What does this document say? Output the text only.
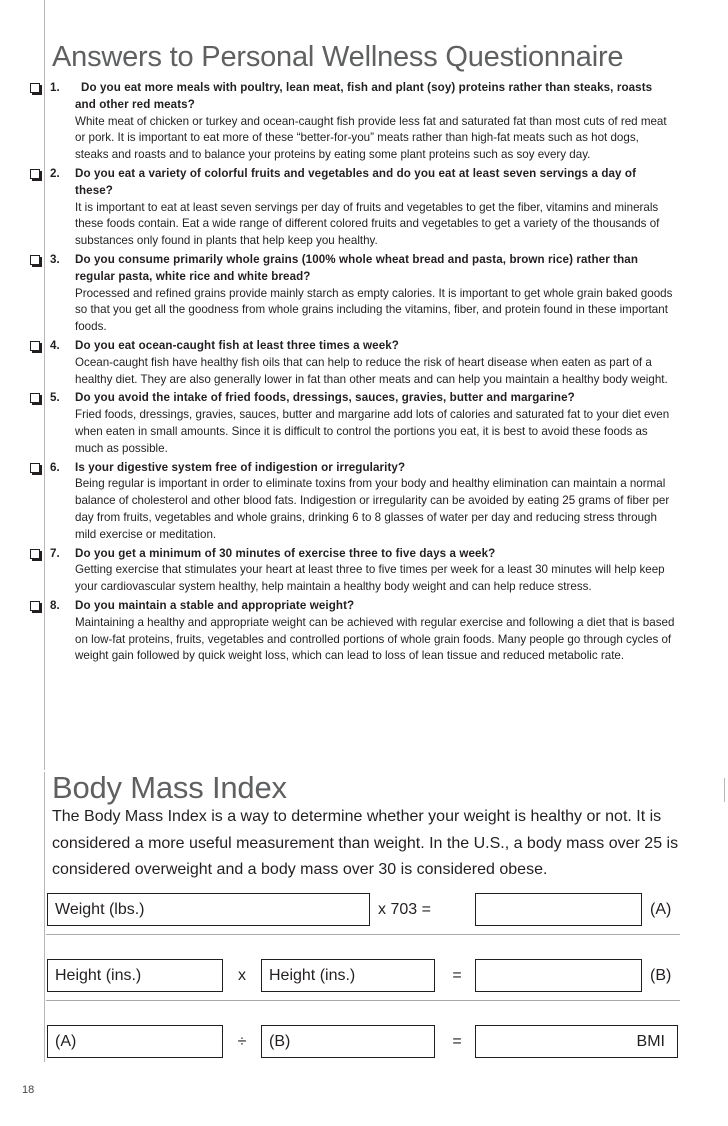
Answers to Personal Wellness Questionnaire
1. Do you eat more meals with poultry, lean meat, fish and plant (soy) proteins rather than steaks, roasts and other red meats?
White meat of chicken or turkey and ocean-caught fish provide less fat and saturated fat than most cuts of red meat or pork. It is important to eat more of these “better-for-you” meats rather than high-fat meats such as hot dogs, steaks and roasts and to balance your proteins by eating some plant proteins such as soy every day.
2. Do you eat a variety of colorful fruits and vegetables and do you eat at least seven servings a day of these?
It is important to eat at least seven servings per day of fruits and vegetables to get the fiber, vitamins and minerals these foods contain. Eat a wide range of different colored fruits and vegetables to get a variety of the thousands of substances only found in plants that help keep you healthy.
3. Do you consume primarily whole grains (100% whole wheat bread and pasta, brown rice) rather than regular pasta, white rice and white bread?
Processed and refined grains provide mainly starch as empty calories. It is important to get whole grain baked goods so that you get all the goodness from whole grains including the vitamins, fiber, and protein found in these important foods.
4. Do you eat ocean-caught fish at least three times a week?
Ocean-caught fish have healthy fish oils that can help to reduce the risk of heart disease when eaten as part of a healthy diet. They are also generally lower in fat than other meats and can help you maintain a healthy body weight.
5. Do you avoid the intake of fried foods, dressings, sauces, gravies, butter and margarine?
Fried foods, dressings, gravies, sauces, butter and margarine add lots of calories and saturated fat to your diet even when eaten in small amounts. Since it is difficult to control the portions you eat, it is best to avoid these foods as much as possible.
6. Is your digestive system free of indigestion or irregularity?
Being regular is important in order to eliminate toxins from your body and healthy elimination can maintain a normal balance of cholesterol and other blood fats. Indigestion or irregularity can be avoided by eating 25 grams of fiber per day from fruits, vegetables and whole grains, drinking 6 to 8 glasses of water per day and reducing stress through mild exercise or meditation.
7. Do you get a minimum of 30 minutes of exercise three to five days a week?
Getting exercise that stimulates your heart at least three to five times per week for a least 30 minutes will help keep your cardiovascular system healthy, help maintain a healthy body weight and can help reduce stress.
8. Do you maintain a stable and appropriate weight?
Maintaining a healthy and appropriate weight can be achieved with regular exercise and following a diet that is based on low-fat proteins, fruits, vegetables and controlled portions of whole grain foods. Many people go through cycles of weight gain followed by quick weight loss, which can lead to loss of lean tissue and reduced metabolic rate.
Body Mass Index

The Body Mass Index is a way to determine whether your weight is healthy or not. It is considered a more useful measurement than weight. In the U.S., a body mass over 25 is considered overweight and a body mass over 30 is considered obese.

Weight (lbs.)	x 703 =	(A)
Height (ins.)	x	Height (ins.)	=	(B)
(A)	÷	(B)	=	BMI
18
